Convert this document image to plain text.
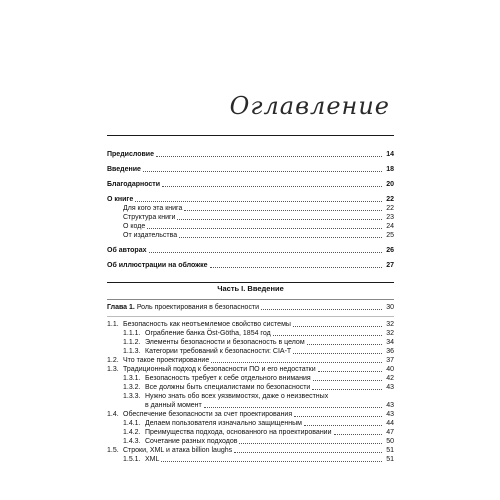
Оглавление
Предисловие	14
Введение	18
Благодарности	20
О книге	22
Для кого эта книга	22
Структура книги	23
О коде	24
От издательства	25
Об авторах	26
Об иллюстрации на обложке	27
Часть I. Введение
Глава 1. Роль проектирования в безопасности	30
1.1. Безопасность как неотъемлемое свойство системы	32
1.1.1. Ограбление банка Öst-Götha, 1854 год	32
1.1.2. Элементы безопасности и безопасность в целом	34
1.1.3. Категории требований к безопасности: CIA-T	36
1.2. Что такое проектирование	37
1.3. Традиционный подход к безопасности ПО и его недостатки	40
1.3.1. Безопасность требует к себе отдельного внимания	42
1.3.2. Все должны быть специалистами по безопасности	43
1.3.3. Нужно знать обо всех уязвимостях, даже о неизвестных
в данный момент	43
1.4. Обеспечение безопасности за счет проектирования	43
1.4.1. Делаем пользователя изначально защищенным	44
1.4.2. Преимущества подхода, основанного на проектировании	47
1.4.3. Сочетание разных подходов	50
1.5. Строки, XML и атака billion laughs	51
1.5.1. XML	51
